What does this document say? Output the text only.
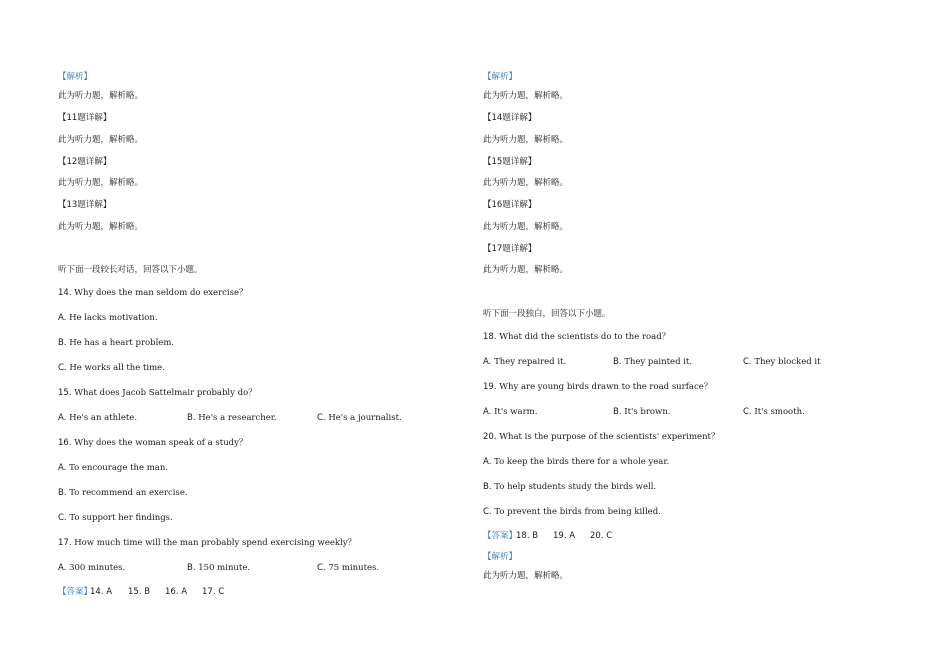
【解析】
此为听力题，解析略。
【11题详解】
此为听力题，解析略。
【12题详解】
此为听力题，解析略。
【13题详解】
此为听力题，解析略。
听下面一段较长对话，回答以下小题。
14. Why does the man seldom do exercise？
A. He lacks motivation.
B. He has a heart problem.
C. He works all the time.
15. What does Jacob Sattelmair probably do？
A. He's an athlete.	B. He's a researcher.	C. He's a journalist.
16. Why does the woman speak of a study？
A. To encourage the man.
B. To recommend an exercise.
C. To support her findings.
17. How much time will the man probably spend exercising weekly？
A. 300 minutes.	B. 150 minute.	C. 75 minutes.
【答案】
14. A 15. B 16. A 17. C
【解析】
此为听力题，解析略。
【14题详解】
此为听力题，解析略。
【15题详解】
此为听力题，解析略。
【16题详解】
此为听力题，解析略。
【17题详解】
此为听力题，解析略。
听下面一段独白，回答以下小题。
18. What did the scientists do to the road？
A. They repaired it.	B. They painted it.	C. They blocked it
19. Why are young birds drawn to the road surface？
A. It's warm.	B. It's brown.	C. It's smooth.
20. What is the purpose of the scientists' experiment？
A. To keep the birds there for a whole year.
B. To help students study the birds well.
C. To prevent the birds from being killed.
【答案】
18. B 19. A 20. C
【解析】
此为听力题，解析略。
